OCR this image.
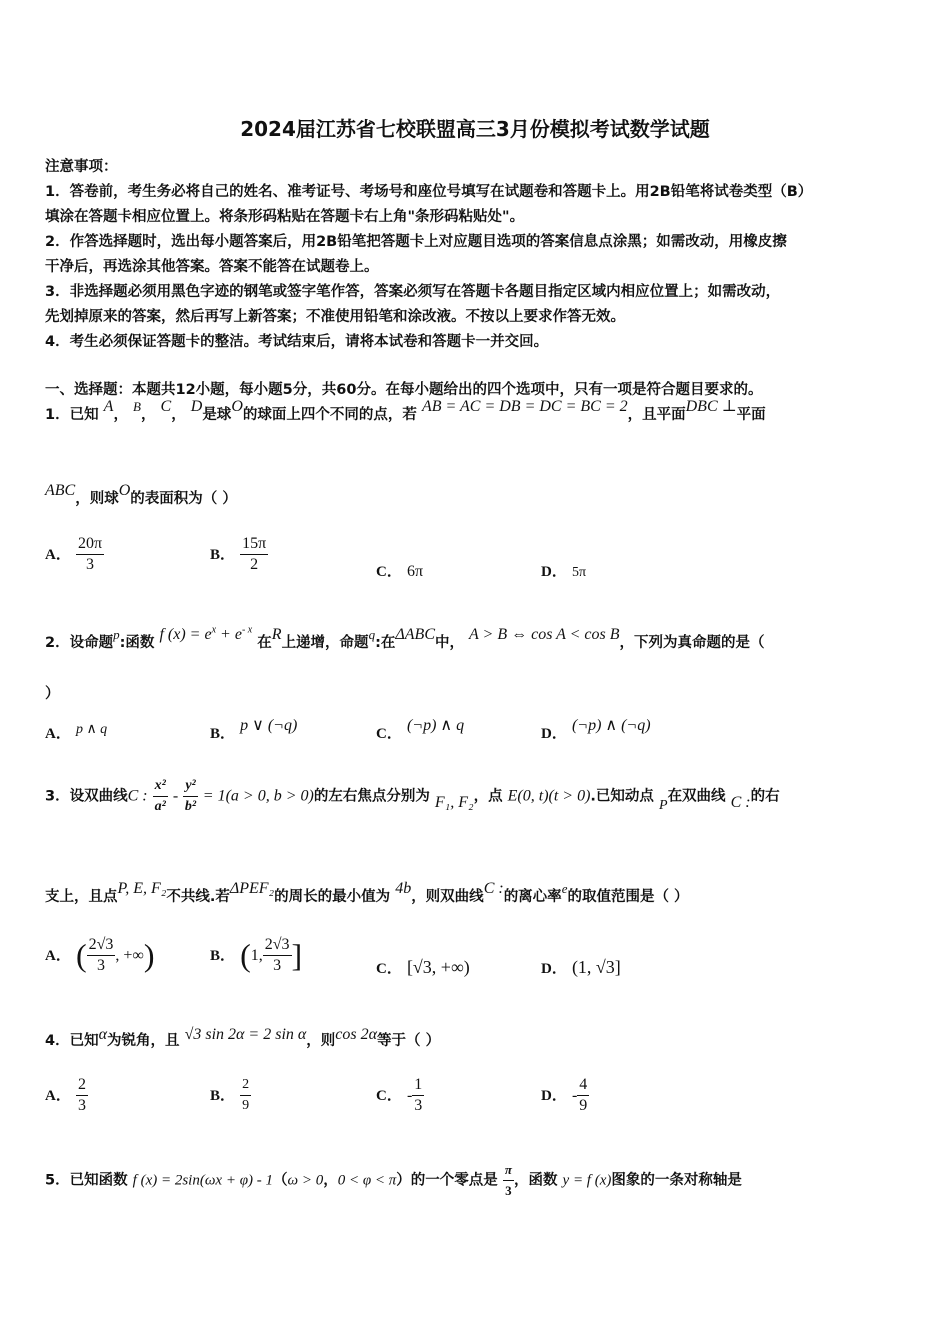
2024届江苏省七校联盟高三3月份模拟考试数学试题
注意事项：
1．答卷前，考生务必将自己的姓名、准考证号、考场号和座位号填写在试题卷和答题卡上。用2B铅笔将试卷类型（B）
填涂在答题卡相应位置上。将条形码粘贴在答题卡右上角"条形码粘贴处"。
2．作答选择题时，选出每小题答案后，用2B铅笔把答题卡上对应题目选项的答案信息点涂黑；如需改动，用橡皮擦
干净后，再选涂其他答案。答案不能答在试题卷上。
3．非选择题必须用黑色字迹的钢笔或签字笔作答，答案必须写在答题卡各题目指定区域内相应位置上；如需改动，
先划掉原来的答案，然后再写上新答案；不准使用铅笔和涂改液。不按以上要求作答无效。
4．考生必须保证答题卡的整洁。考试结束后，请将本试卷和答题卡一并交回。
一、选择题：本题共12小题，每小题5分，共60分。在每小题给出的四个选项中，只有一项是符合题目要求的。
1．已知 A， B， C， D是球O的球面上四个不同的点，若 AB = AC = DB = DC = BC = 2，且平面DBC ⊥平面
ABC，则球O的表面积为（ ）
A． $\frac{20\pi}{3}$	B． $\frac{15\pi}{2}$	C． 6π	D． 5π
2．设命题p:函数 f $(x) = e^x + e^{- x}$ 在R上递增，命题q:在ΔABC中， A > B ⇔ cos A < cos B，下列为真命题的是（
）
A． p ∧ q	B． p ∨ (¬q)	C． (¬p) ∧ q	D． (¬p) ∧ (¬q)
3．设双曲线C : $\frac{\text{x²}}{\text{a²}} - \frac{\text{y²}}{\text{b²}} = 1(a > 0$, b > 0)的左右焦点分别为 F₁, F₂，点 E(0, t)(t > 0).已知动点 P在双曲线 C :的右
支上，且点P, E, F₂不共线.若ΔPEF₂的周长的最小值为 4b，则双曲线C :的离心率e的取值范围是（ ）
A． ( $\frac{2√3}{3}$ , +∞)	B． (1, $\frac{2√3}{3}$ ]	C． [√3, +∞)	D． (1, √3]
4．已知α为锐角，且 √3 sin 2α = 2 sin α，则cos 2α等于（ ）
A． $\frac{2}{3}$	B． $\frac{2}{9}$	C． - $\frac{1}{3}$	D． - $\frac{4}{9}$
5．已知函数 f (x) = 2sin(ωx + φ) - 1（ω > 0，0 < φ < π）的一个零点是 $\frac{\pi}{3}$ ，函数 y = f (x)图象的一条对称轴是
